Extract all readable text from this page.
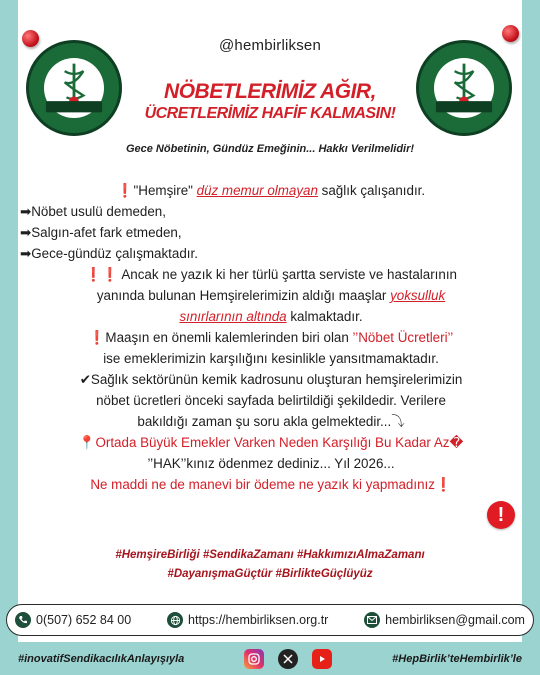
@hembirliksen
NÖBETLERİMİZ AĞIR,
ÜCRETLERİMİZ HAFİF KALMASIN!
Gece Nöbetinin, Gündüz Emeğinin... Hakkı Verilmelidir!
❗"Hemşire" düz memur olmayan sağlık çalışanıdır.
➡Nöbet usulü demeden,
➡Salgın-afet fark etmeden,
➡Gece-gündüz çalışmaktadır.
❗❗ Ancak ne yazık ki her türlü şartta serviste ve hastalarının
yanında bulunan Hemşirelerimizin aldığı maaşlar yoksulluk
sınırlarının altında kalmaktadır.
❗Maaşın en önemli kalemlerinden biri olan ’’Nöbet Ücretleri’’
ise emeklerimizin karşılığını kesinlikle yansıtmamaktadır.
✔Sağlık sektörünün kemik kadrosunu oluşturan hemşirelerimizin
nöbet ücretleri önceki sayfada belirtildiği şekildedir. Verilere
bakıldığı zaman şu soru akla gelmektedir...⤵
📍Ortada Büyük Emekler Varken Neden Karşılığı Bu Kadar Az�
’’HAK’’kınız ödenmez dediniz... Yıl 2026...
Ne maddi ne de manevi bir ödeme ne yazık ki yapmadınız❗
!
#HemşireBirliği #SendikaZamanı #HakkımızıAlmaZamanı
#DayanışmaGüçtür #BirlikteGüçlüyüz
0(507) 652 84 00	https://hembirliksen.org.tr	hembirliksen@gmail.com
#inovatifSendikacılıkAnlayışıyla	#HepBirlik’teHembirlik’le
